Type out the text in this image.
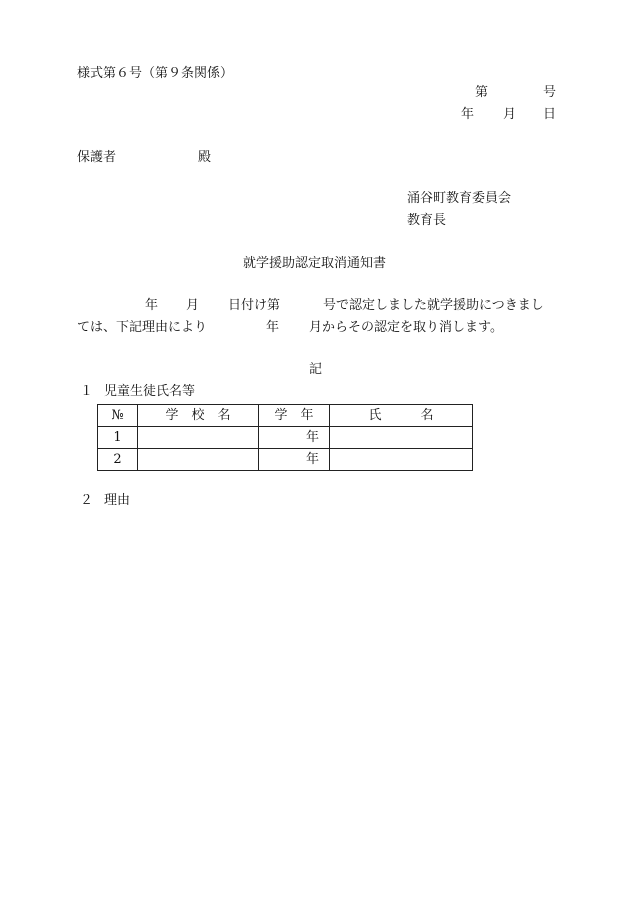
様式第６号（第９条関係）
第	号
年 月 日
保護者	殿
涌谷町教育委員会
教育長
就学援助認定取消通知書
年 月 日付け第	号で認定しました就学援助につきまし
ては、下記理由により	年 月からその認定を取り消します。
記
１ 児童生徒氏名等
№	学　校　名	学　年	氏　　　名
1		年	
2		年	
２ 理由
